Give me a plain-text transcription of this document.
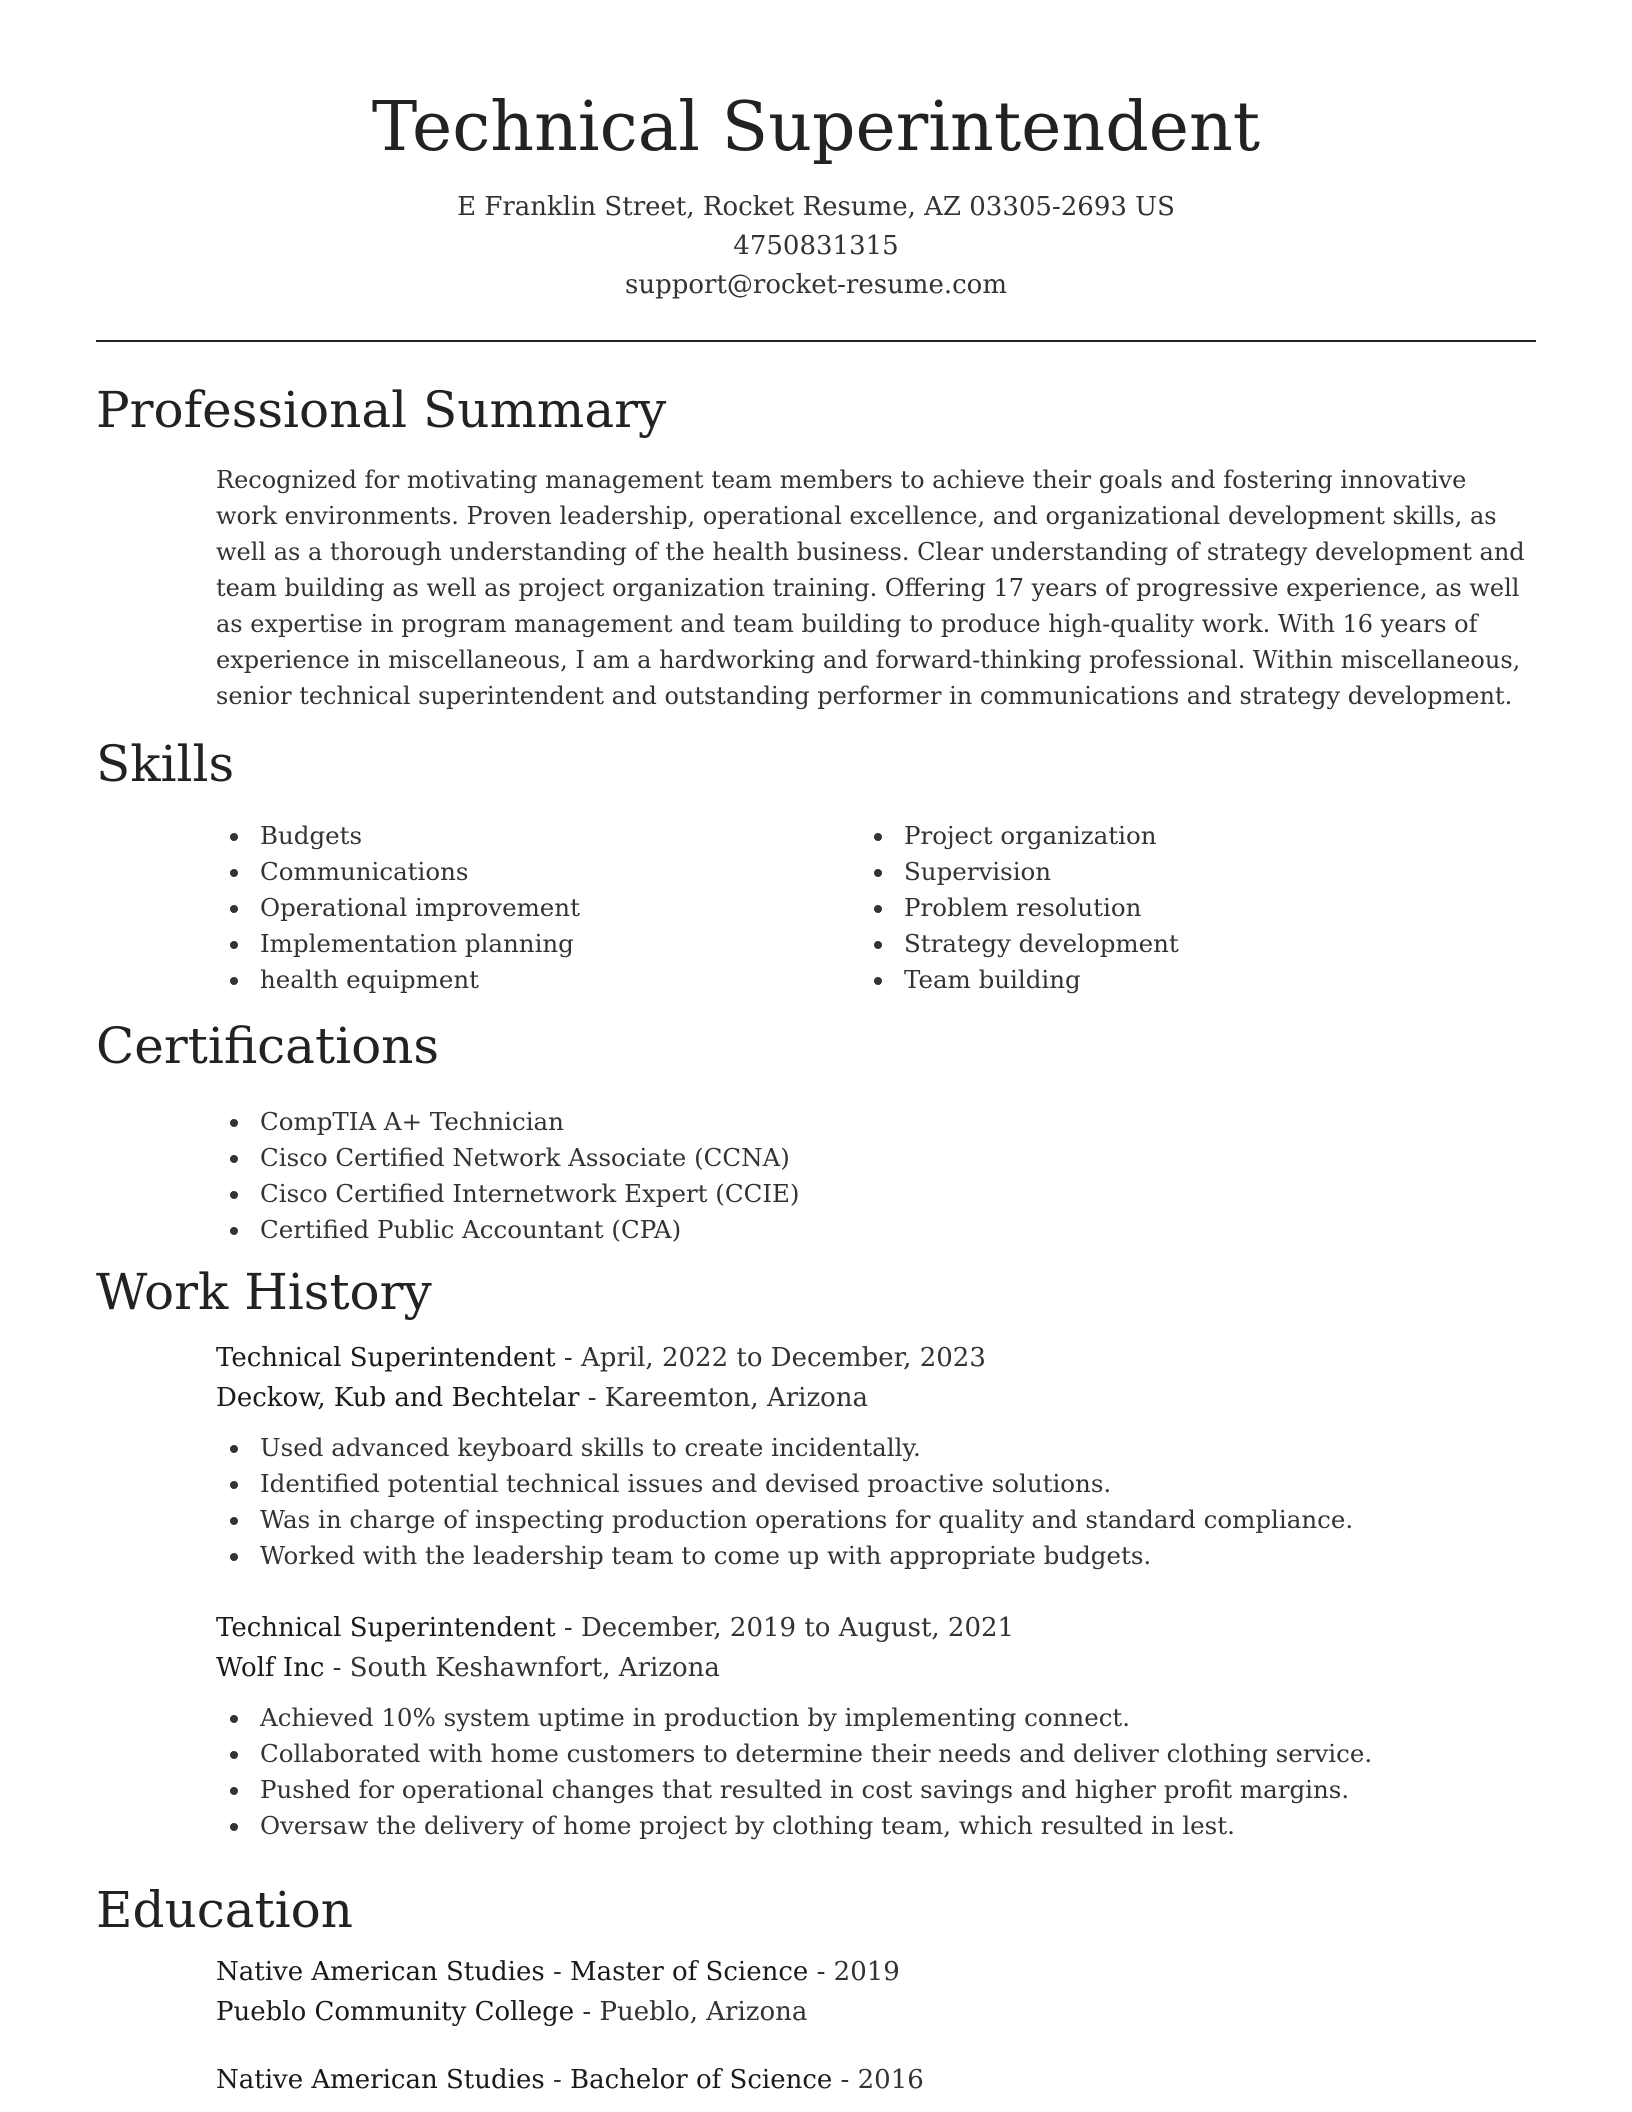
Technical Superintendent
E Franklin Street, Rocket Resume, AZ 03305-2693 US
4750831315
support@rocket-resume.com
Professional Summary

Recognized for motivating management team members to achieve their goals and fostering innovative work environments. Proven leadership, operational excellence, and organizational development skills, as well as a thorough understanding of the health business. Clear understanding of strategy development and team building as well as project organization training. Offering 17 years of progressive experience, as well as expertise in program management and team building to produce high-quality work. With 16 years of experience in miscellaneous, I am a hardworking and forward-thinking professional. Within miscellaneous, senior technical superintendent and outstanding performer in communications and strategy development.

Skills
Budgets
Communications
Operational improvement
Implementation planning
health equipment
Project organization
Supervision
Problem resolution
Strategy development
Team building
Certifications
CompTIA A+ Technician
Cisco Certified Network Associate (CCNA)
Cisco Certified Internetwork Expert (CCIE)
Certified Public Accountant (CPA)
Work History
Technical Superintendent - April, 2022 to December, 2023
Deckow, Kub and Bechtelar - Kareemton, Arizona
Used advanced keyboard skills to create incidentally.
Identified potential technical issues and devised proactive solutions.
Was in charge of inspecting production operations for quality and standard compliance.
Worked with the leadership team to come up with appropriate budgets.
Technical Superintendent - December, 2019 to August, 2021
Wolf Inc - South Keshawnfort, Arizona
Achieved 10% system uptime in production by implementing connect.
Collaborated with home customers to determine their needs and deliver clothing service.
Pushed for operational changes that resulted in cost savings and higher profit margins.
Oversaw the delivery of home project by clothing team, which resulted in lest.
Education
Native American Studies - Master of Science - 2019
Pueblo Community College - Pueblo, Arizona
Native American Studies - Bachelor of Science - 2016
